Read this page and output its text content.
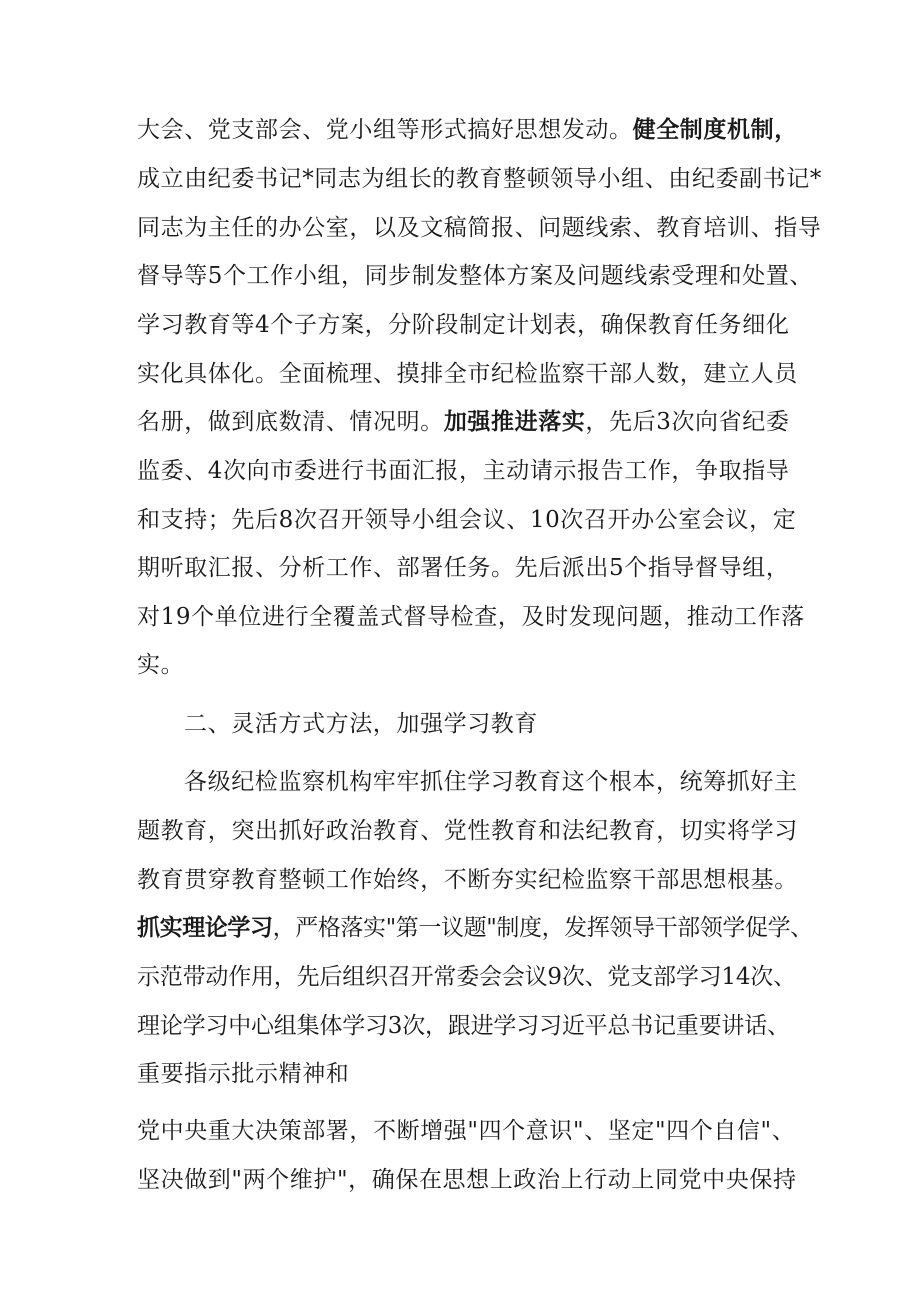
大会、党支部会、党小组等形式搞好思想发动。健全制度机制，
成立由纪委书记*同志为组长的教育整顿领导小组、由纪委副书记*
同志为主任的办公室，以及文稿简报、问题线索、教育培训、指导
督导等5个工作小组，同步制发整体方案及问题线索受理和处置、
学习教育等4个子方案，分阶段制定计划表，确保教育任务细化
实化具体化。全面梳理、摸排全市纪检监察干部人数，建立人员
名册，做到底数清、情况明。加强推进落实，先后3次向省纪委
监委、4次向市委进行书面汇报，主动请示报告工作，争取指导
和支持；先后8次召开领导小组会议、10次召开办公室会议，定
期听取汇报、分析工作、部署任务。先后派出5个指导督导组，
对19个单位进行全覆盖式督导检查，及时发现问题，推动工作落
实。
二、灵活方式方法，加强学习教育
各级纪检监察机构牢牢抓住学习教育这个根本，统筹抓好主
题教育，突出抓好政治教育、党性教育和法纪教育，切实将学习
教育贯穿教育整顿工作始终，不断夯实纪检监察干部思想根基。
抓实理论学习，严格落实"第一议题"制度，发挥领导干部领学促学、
示范带动作用，先后组织召开常委会会议9次、党支部学习14次、
理论学习中心组集体学习3次，跟进学习习近平总书记重要讲话、
重要指示批示精神和
党中央重大决策部署，不断增强"四个意识"、坚定"四个自信"、
坚决做到"两个维护"，确保在思想上政治上行动上同党中央保持
